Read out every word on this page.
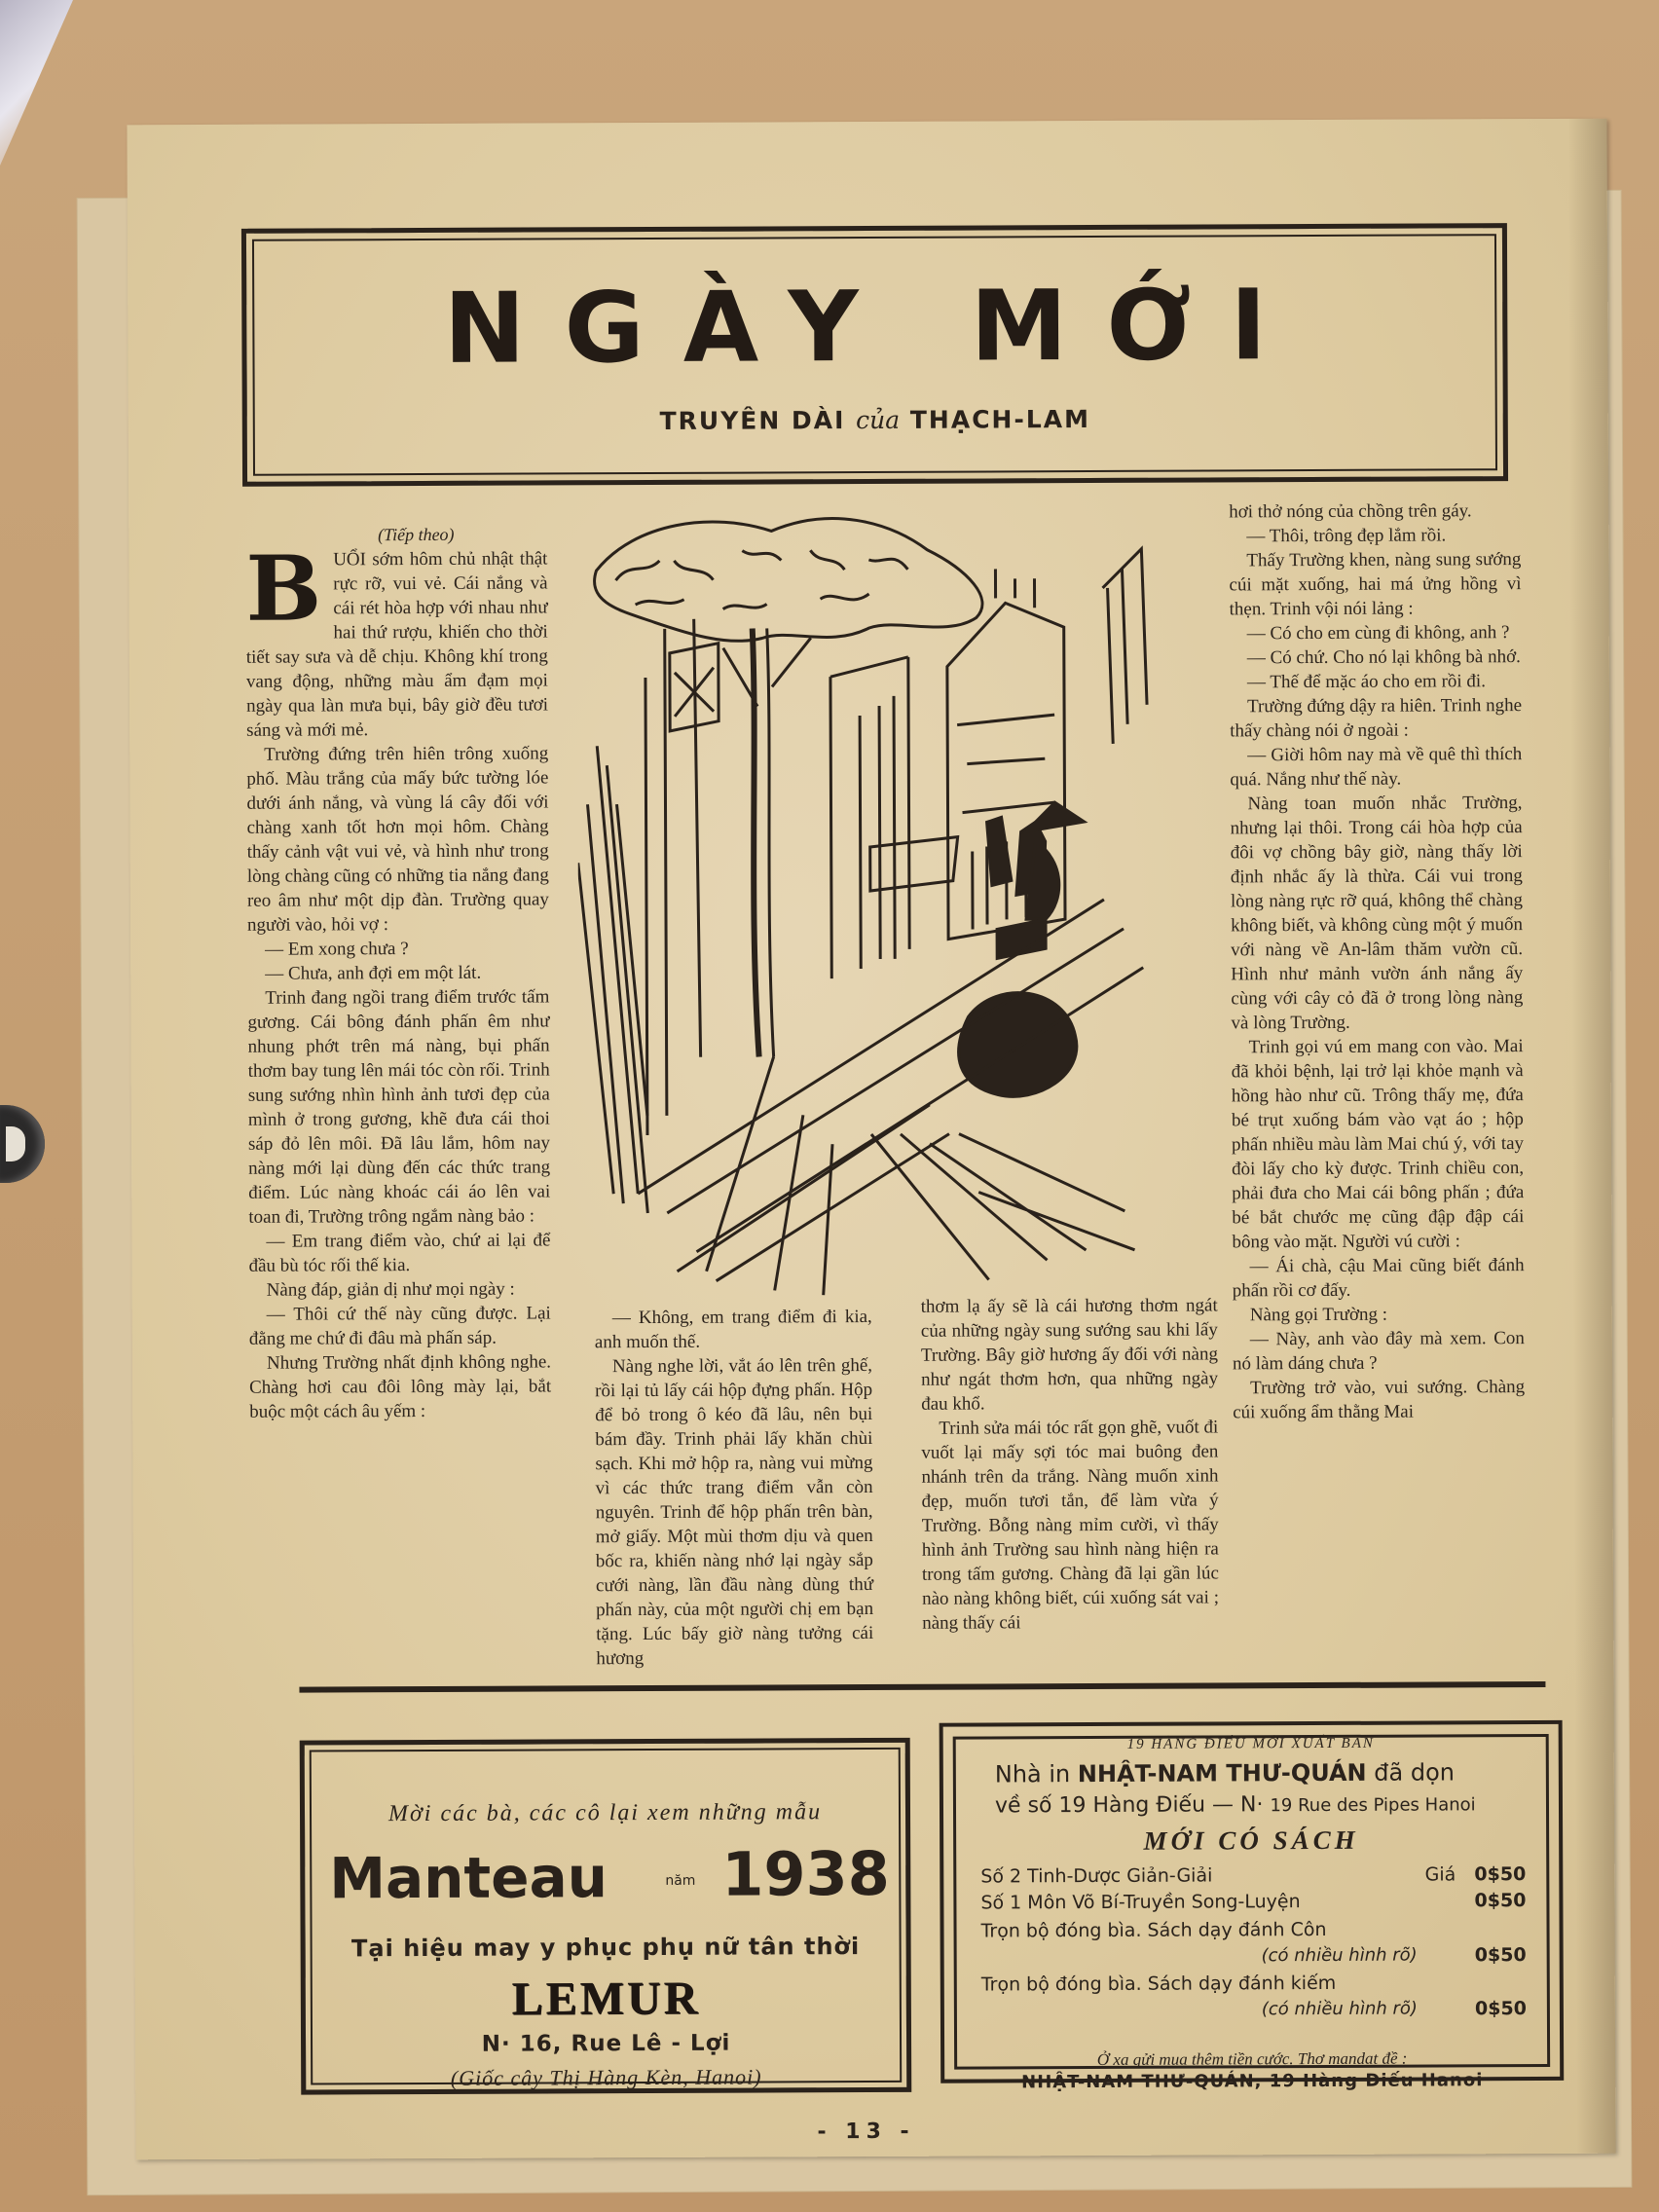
NGÀY MỚI
TRUYÊN DÀI của THẠCH-LAM
(Tiếp theo)

BUỔI sớm hôm chủ nhật thật rực rỡ, vui vẻ. Cái nắng và cái rét hòa hợp với nhau như hai thứ rượu, khiến cho thời tiết say sưa và dễ chịu. Không khí trong vang động, những màu ẩm đạm mọi ngày qua làn mưa bụi, bây giờ đều tươi sáng và mới mẻ.

Trường đứng trên hiên trông xuống phố. Màu trắng của mấy bức tường lóe dưới ánh nắng, và vùng lá cây đối với chàng xanh tốt hơn mọi hôm. Chàng thấy cảnh vật vui vẻ, và hình như trong lòng chàng cũng có những tia nắng đang reo âm như một dịp đàn. Trường quay người vào, hỏi vợ :

— Em xong chưa ?

— Chưa, anh đợi em một lát.

Trinh đang ngồi trang điểm trước tấm gương. Cái bông đánh phấn êm như nhung phớt trên má nàng, bụi phấn thơm bay tung lên mái tóc còn rối. Trinh sung sướng nhìn hình ảnh tươi đẹp của mình ở trong gương, khẽ đưa cái thoi sáp đỏ lên môi. Đã lâu lắm, hôm nay nàng mới lại dùng đến các thức trang điểm. Lúc nàng khoác cái áo lên vai toan đi, Trường trông ngắm nàng bảo :

— Em trang điểm vào, chứ ai lại để đầu bù tóc rối thế kia.

Nàng đáp, giản dị như mọi ngày :

— Thôi cứ thế này cũng được. Lại đằng me chứ đi đâu mà phấn sáp.

Nhưng Trường nhất định không nghe. Chàng hơi cau đôi lông mày lại, bắt buộc một cách âu yếm :

— Không, em trang điểm đi kia, anh muốn thế.

Nàng nghe lời, vắt áo lên trên ghế, rồi lại tủ lấy cái hộp đựng phấn. Hộp để bỏ trong ô kéo đã lâu, nên bụi bám đầy. Trinh phải lấy khăn chùi sạch. Khi mở hộp ra, nàng vui mừng vì các thức trang điểm vẫn còn nguyên. Trinh để hộp phấn trên bàn, mở giấy. Một mùi thơm dịu và quen bốc ra, khiến nàng nhớ lại ngày sắp cưới nàng, lần đầu nàng dùng thứ phấn này, của một người chị em bạn tặng. Lúc bấy giờ nàng tưởng cái hương

thơm lạ ấy sẽ là cái hương thơm ngát của những ngày sung sướng sau khi lấy Trường. Bây giờ hương ấy đối với nàng như ngát thơm hơn, qua những ngày đau khổ.

Trinh sửa mái tóc rất gọn ghẽ, vuốt đi vuốt lại mấy sợi tóc mai buông đen nhánh trên da trắng. Nàng muốn xinh đẹp, muốn tươi tắn, để làm vừa ý Trường. Bỗng nàng mỉm cười, vì thấy hình ảnh Trường sau hình nàng hiện ra trong tấm gương. Chàng đã lại gần lúc nào nàng không biết, cúi xuống sát vai ; nàng thấy cái

hơi thở nóng của chồng trên gáy.

— Thôi, trông đẹp lắm rồi.

Thấy Trường khen, nàng sung sướng cúi mặt xuống, hai má ửng hồng vì thẹn. Trinh vội nói lảng :

— Có cho em cùng đi không, anh ?

— Có chứ. Cho nó lại không bà nhớ.

— Thế để mặc áo cho em rồi đi.

Trường đứng dậy ra hiên. Trinh nghe thấy chàng nói ở ngoài :

— Giời hôm nay mà về quê thì thích quá. Nắng như thế này.

Nàng toan muốn nhắc Trường, nhưng lại thôi. Trong cái hòa hợp của đôi vợ chồng bây giờ, nàng thấy lời định nhắc ấy là thừa. Cái vui trong lòng nàng rực rỡ quá, không thể chàng không biết, và không cùng một ý muốn với nàng về An-lâm thăm vườn cũ. Hình như mảnh vườn ánh nắng ấy cùng với cây cỏ đã ở trong lòng nàng và lòng Trường.

Trinh gọi vú em mang con vào. Mai đã khỏi bệnh, lại trở lại khỏe mạnh và hồng hào như cũ. Trông thấy mẹ, đứa bé trụt xuống bám vào vạt áo ; hộp phấn nhiều màu làm Mai chú ý, với tay đòi lấy cho kỳ được. Trinh chiều con, phải đưa cho Mai cái bông phấn ; đứa bé bắt chước mẹ cũng đập đập cái bông vào mặt. Người vú cười :

— Ái chà, cậu Mai cũng biết đánh phấn rồi cơ đấy.

Nàng gọi Trường :

— Này, anh vào đây mà xem. Con nó làm dáng chưa ?

Trường trở vào, vui sướng. Chàng cúi xuống ẩm thằng Mai

Mời các bà, các cô lại xem những mẫu
Manteau	năm 1938
Tại hiệu may y phục phụ nữ tân thời
LEMUR
N· 16, Rue Lê - Lợi
(Giốc cây Thị Hàng Kèn, Hanoi)
19 HÀNG ĐIẾU MỚI XUẤT BẢN
Nhà in NHẬT-NAM THƯ-QUÁN đã dọn
về số 19 Hàng Điếu — N· 19 Rue des Pipes Hanoi
MỚI CÓ SÁCH
Số 2 Tinh-Dược Giản-Giải	Giá 0$50
Số 1 Môn Võ Bí-Truyền Song-Luyện	0$50
Trọn bộ đóng bìa. Sách dạy đánh Côn
(có nhiều hình rõ)	0$50
Trọn bộ đóng bìa. Sách dạy đánh kiếm
(có nhiều hình rõ)	0$50
Ở xa gửi mua thêm tiền cước. Thơ mandat đề :
NHẬT-NAM THƯ-QUÁN, 19 Hàng Điếu Hanoi
- 13 -
